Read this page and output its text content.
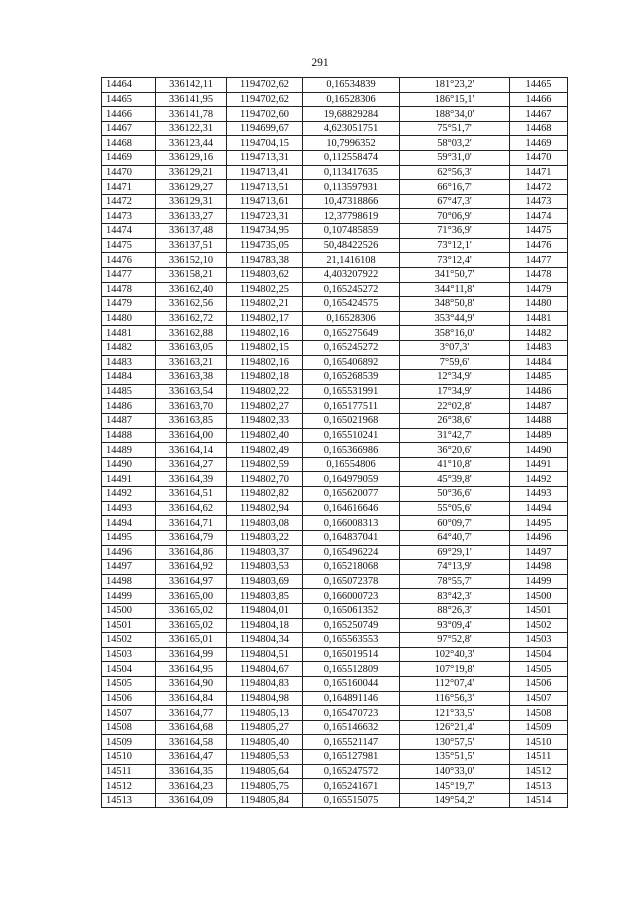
291
14464	336142,11	1194702,62	0,16534839	181°23,2'	14465
14465	336141,95	1194702,62	0,16528306	186°15,1'	14466
14466	336141,78	1194702,60	19,68829284	188°34,0'	14467
14467	336122,31	1194699,67	4,623051751	75°51,7'	14468
14468	336123,44	1194704,15	10,7996352	58°03,2'	14469
14469	336129,16	1194713,31	0,112558474	59°31,0'	14470
14470	336129,21	1194713,41	0,113417635	62°56,3'	14471
14471	336129,27	1194713,51	0,113597931	66°16,7'	14472
14472	336129,31	1194713,61	10,47318866	67°47,3'	14473
14473	336133,27	1194723,31	12,37798619	70°06,9'	14474
14474	336137,48	1194734,95	0,107485859	71°36,9'	14475
14475	336137,51	1194735,05	50,48422526	73°12,1'	14476
14476	336152,10	1194783,38	21,1416108	73°12,4'	14477
14477	336158,21	1194803,62	4,403207922	341°50,7'	14478
14478	336162,40	1194802,25	0,165245272	344°11,8'	14479
14479	336162,56	1194802,21	0,165424575	348°50,8'	14480
14480	336162,72	1194802,17	0,16528306	353°44,9'	14481
14481	336162,88	1194802,16	0,165275649	358°16,0'	14482
14482	336163,05	1194802,15	0,165245272	3°07,3'	14483
14483	336163,21	1194802,16	0,165406892	7°59,6'	14484
14484	336163,38	1194802,18	0,165268539	12°34,9'	14485
14485	336163,54	1194802,22	0,165531991	17°34,9'	14486
14486	336163,70	1194802,27	0,165177511	22°02,8'	14487
14487	336163,85	1194802,33	0,165021968	26°38,6'	14488
14488	336164,00	1194802,40	0,165510241	31°42,7'	14489
14489	336164,14	1194802,49	0,165366986	36°20,6'	14490
14490	336164,27	1194802,59	0,16554806	41°10,8'	14491
14491	336164,39	1194802,70	0,164979059	45°39,8'	14492
14492	336164,51	1194802,82	0,165620077	50°36,6'	14493
14493	336164,62	1194802,94	0,164616646	55°05,6'	14494
14494	336164,71	1194803,08	0,166008313	60°09,7'	14495
14495	336164,79	1194803,22	0,164837041	64°40,7'	14496
14496	336164,86	1194803,37	0,165496224	69°29,1'	14497
14497	336164,92	1194803,53	0,165218068	74°13,9'	14498
14498	336164,97	1194803,69	0,165072378	78°55,7'	14499
14499	336165,00	1194803,85	0,166000723	83°42,3'	14500
14500	336165,02	1194804,01	0,165061352	88°26,3'	14501
14501	336165,02	1194804,18	0,165250749	93°09,4'	14502
14502	336165,01	1194804,34	0,165563553	97°52,8'	14503
14503	336164,99	1194804,51	0,165019514	102°40,3'	14504
14504	336164,95	1194804,67	0,165512809	107°19,8'	14505
14505	336164,90	1194804,83	0,165160044	112°07,4'	14506
14506	336164,84	1194804,98	0,164891146	116°56,3'	14507
14507	336164,77	1194805,13	0,165470723	121°33,5'	14508
14508	336164,68	1194805,27	0,165146632	126°21,4'	14509
14509	336164,58	1194805,40	0,165521147	130°57,5'	14510
14510	336164,47	1194805,53	0,165127981	135°51,5'	14511
14511	336164,35	1194805,64	0,165247572	140°33,0'	14512
14512	336164,23	1194805,75	0,165241671	145°19,7'	14513
14513	336164,09	1194805,84	0,165515075	149°54,2'	14514
